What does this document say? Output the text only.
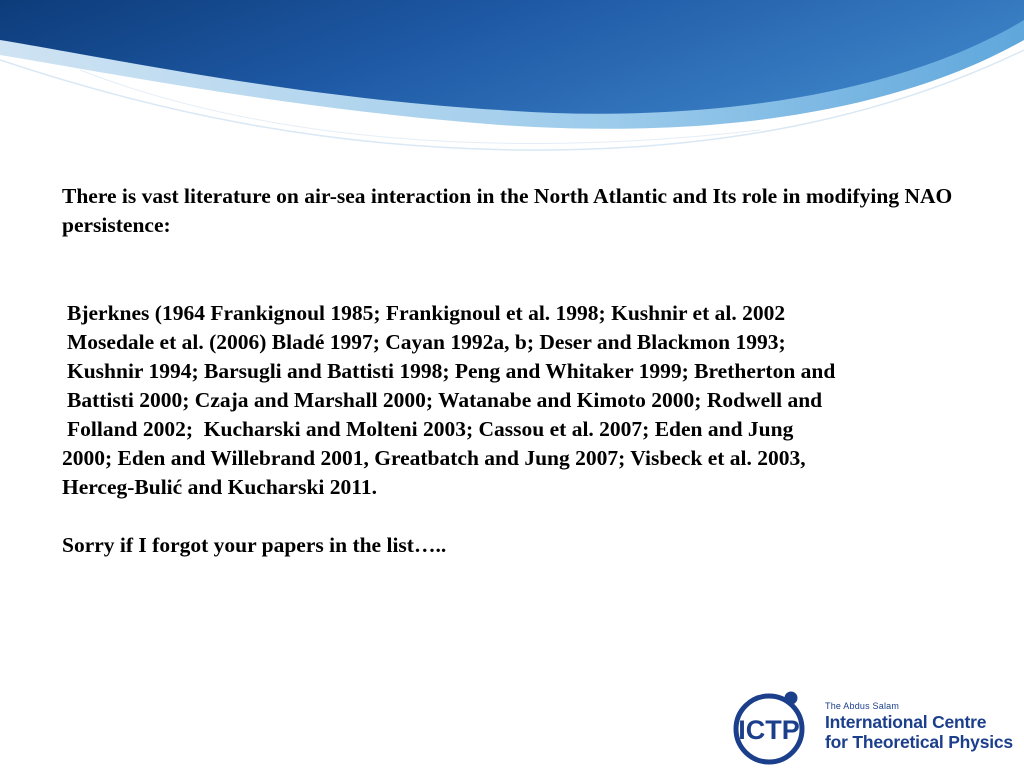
There is vast literature on air-sea interaction in the North Atlantic and Its role in modifying NAO persistence:

Bjerknes (1964 Frankignoul 1985; Frankignoul et al. 1998; Kushnir et al. 2002
Mosedale et al. (2006) Bladé 1997; Cayan 1992a, b; Deser and Blackmon 1993;
Kushnir 1994; Barsugli and Battisti 1998; Peng and Whitaker 1999; Bretherton and
Battisti 2000; Czaja and Marshall 2000; Watanabe and Kimoto 2000; Rodwell and
Folland 2002;  Kucharski and Molteni 2003; Cassou et al. 2007; Eden and Jung
2000; Eden and Willebrand 2001, Greatbatch and Jung 2007; Visbeck et al. 2003,
Herceg-Bulić and Kucharski 2011.

Sorry if I forgot your papers in the list…..

ICTP
The Abdus Salam
International Centre
for Theoretical Physics
